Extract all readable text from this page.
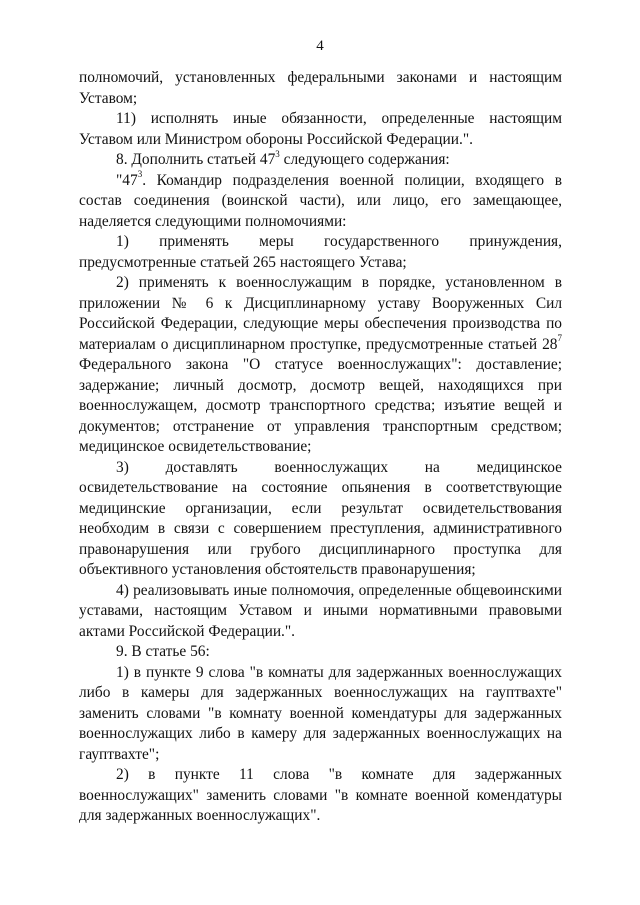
4

полномочий, установленных федеральными законами и настоящим Уставом;

11) исполнять иные обязанности, определенные настоящим Уставом или Министром обороны Российской Федерации.".

8. Дополнить статьей $47^3$ следующего содержания:

"$47^3$. Командир подразделения военной полиции, входящего в состав соединения (воинской части), или лицо, его замещающее, наделяется следующими полномочиями:

1) применять меры государственного принуждения, предусмотренные статьей 265 настоящего Устава;

2) применять к военнослужащим в порядке, установленном в приложении № 6 к Дисциплинарному уставу Вооруженных Сил Российской Федерации, следующие меры обеспечения производства по материалам о дисциплинарном проступке, предусмотренные статьей $28^7$ Федерального закона "О статусе военнослужащих": доставление; задержание; личный досмотр, досмотр вещей, находящихся при военнослужащем, досмотр транспортного средства; изъятие вещей и документов; отстранение от управления транспортным средством; медицинское освидетельствование;

3) доставлять военнослужащих на медицинское освидетельствование на состояние опьянения в соответствующие медицинские организации, если результат освидетельствования необходим в связи с совершением преступления, административного правонарушения или грубого дисциплинарного проступка для объективного установления обстоятельств правонарушения;

4) реализовывать иные полномочия, определенные общевоинскими уставами, настоящим Уставом и иными нормативными правовыми актами Российской Федерации.".

9. В статье 56:

1) в пункте 9 слова "в комнаты для задержанных военнослужащих либо в камеры для задержанных военнослужащих на гауптвахте" заменить словами "в комнату военной комендатуры для задержанных военнослужащих либо в камеру для задержанных военнослужащих на гауптвахте";

2) в пункте 11 слова "в комнате для задержанных военнослужащих" заменить словами "в комнате военной комендатуры для задержанных военнослужащих".
